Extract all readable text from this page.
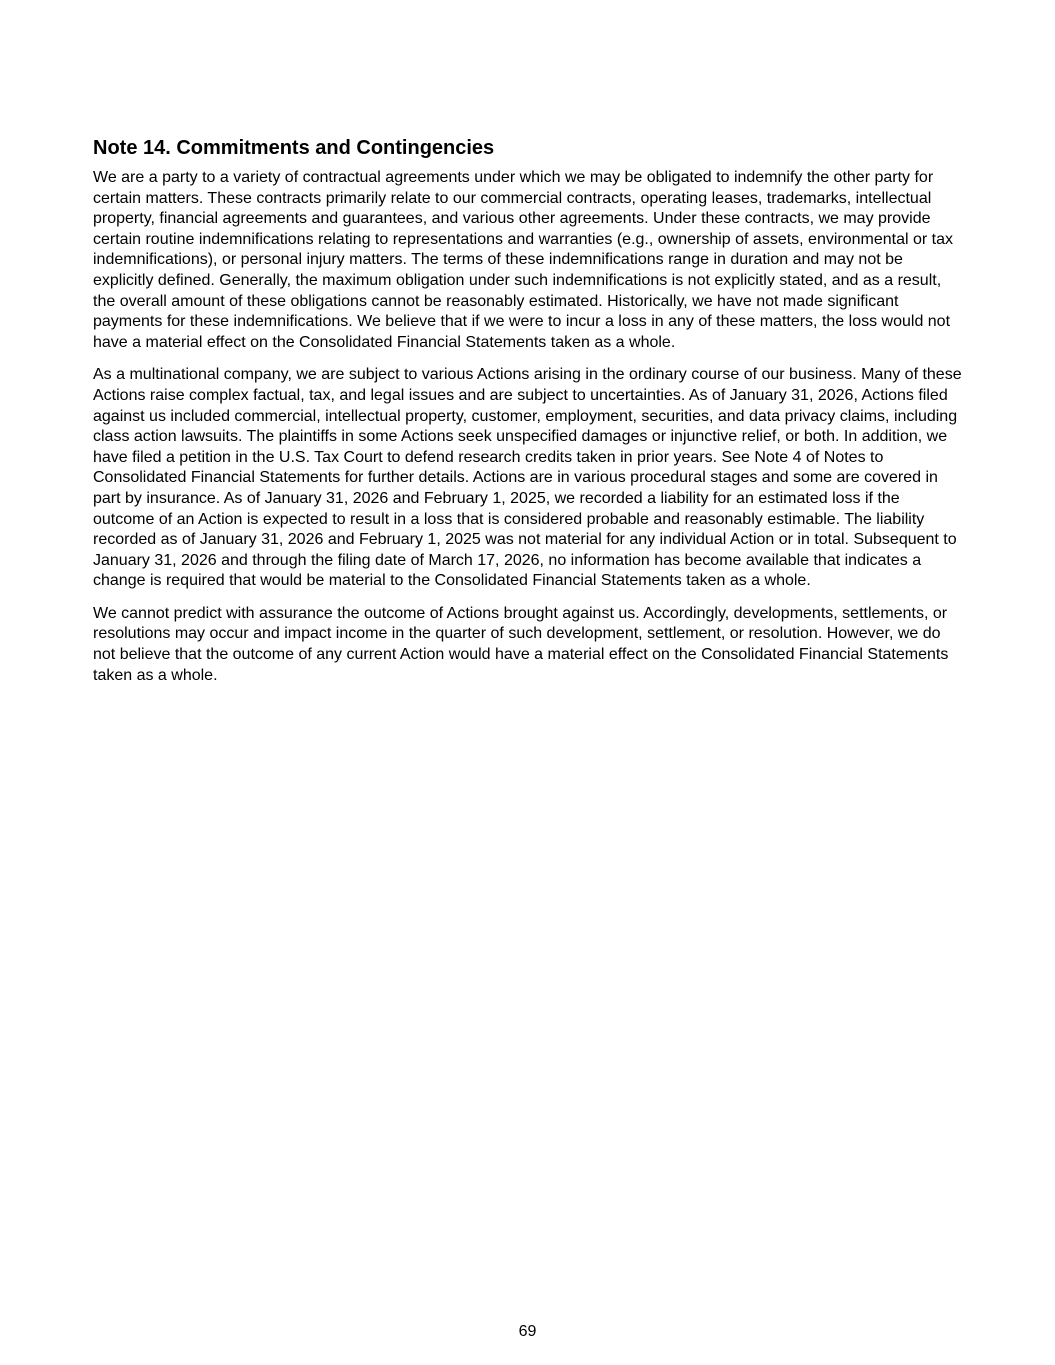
Note 14. Commitments and Contingencies

We are a party to a variety of contractual agreements under which we may be obligated to indemnify the other party for certain matters. These contracts primarily relate to our commercial contracts, operating leases, trademarks, intellectual property, financial agreements and guarantees, and various other agreements. Under these contracts, we may provide certain routine indemnifications relating to representations and warranties (e.g., ownership of assets, environmental or tax indemnifications), or personal injury matters. The terms of these indemnifications range in duration and may not be explicitly defined. Generally, the maximum obligation under such indemnifications is not explicitly stated, and as a result, the overall amount of these obligations cannot be reasonably estimated. Historically, we have not made significant payments for these indemnifications. We believe that if we were to incur a loss in any of these matters, the loss would not have a material effect on the Consolidated Financial Statements taken as a whole.

As a multinational company, we are subject to various Actions arising in the ordinary course of our business. Many of these Actions raise complex factual, tax, and legal issues and are subject to uncertainties. As of January 31, 2026, Actions filed against us included commercial, intellectual property, customer, employment, securities, and data privacy claims, including class action lawsuits. The plaintiffs in some Actions seek unspecified damages or injunctive relief, or both. In addition, we have filed a petition in the U.S. Tax Court to defend research credits taken in prior years. See Note 4 of Notes to Consolidated Financial Statements for further details. Actions are in various procedural stages and some are covered in part by insurance. As of January 31, 2026 and February 1, 2025, we recorded a liability for an estimated loss if the outcome of an Action is expected to result in a loss that is considered probable and reasonably estimable. The liability recorded as of January 31, 2026 and February 1, 2025 was not material for any individual Action or in total. Subsequent to January 31, 2026 and through the filing date of March 17, 2026, no information has become available that indicates a change is required that would be material to the Consolidated Financial Statements taken as a whole.

We cannot predict with assurance the outcome of Actions brought against us. Accordingly, developments, settlements, or resolutions may occur and impact income in the quarter of such development, settlement, or resolution. However, we do not believe that the outcome of any current Action would have a material effect on the Consolidated Financial Statements taken as a whole.

69
